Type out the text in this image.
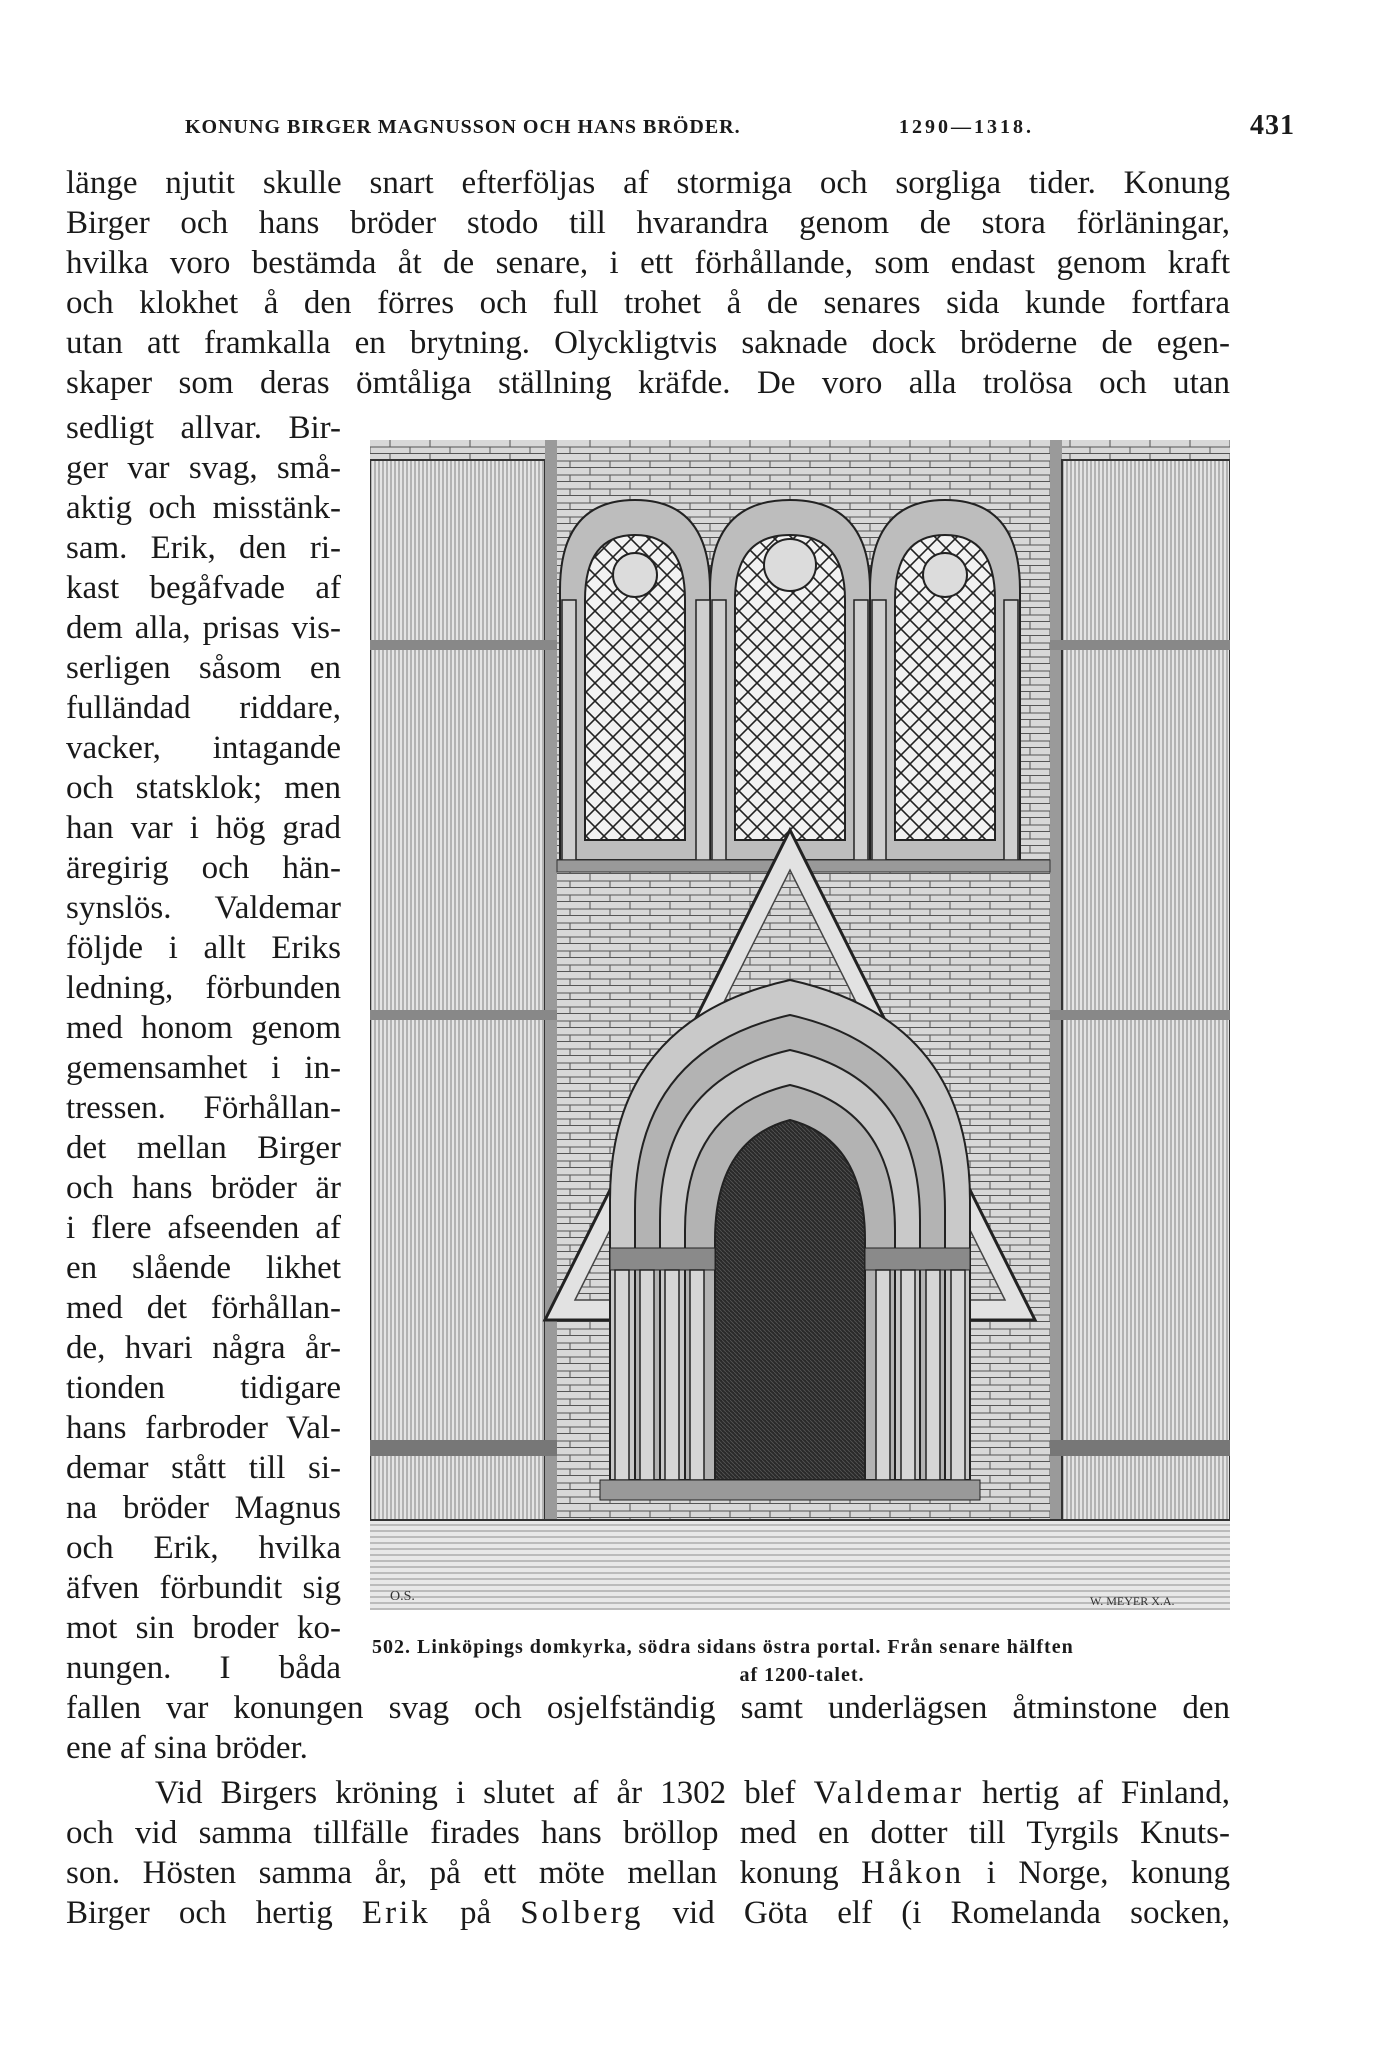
KONUNG BIRGER MAGNUSSON OCH HANS BRÖDER.	1290—1318.	431
länge njutit skulle snart efterföljas af stormiga och sorgliga tider. Konung
Birger och hans bröder stodo till hvarandra genom de stora förläningar,
hvilka voro bestämda åt de senare, i ett förhållande, som endast genom kraft
och klokhet å den förres och full trohet å de senares sida kunde fortfara
utan att framkalla en brytning. Olyckligtvis saknade dock bröderne de egen-
skaper som deras ömtåliga ställning kräfde. De voro alla trolösa och utan
sedligt allvar. Bir-
ger var svag, små-
aktig och misstänk-
sam. Erik, den ri-
kast begåfvade af
dem alla, prisas vis-
serligen såsom en
fulländad riddare,
vacker, intagande
och statsklok; men
han var i hög grad
äregirig och hän-
synslös. Valdemar
följde i allt Eriks
ledning, förbunden
med honom genom
gemensamhet i in-
tressen. Förhållan-
det mellan Birger
och hans bröder är
i flere afseenden af
en slående likhet
med det förhållan-
de, hvari några år-
tionden tidigare
hans farbroder Val-
demar stått till si-
na bröder Magnus
och Erik, hvilka
äfven förbundit sig
mot sin broder ko-
nungen. I båda
O.S.	W. MEYER X.A.
502. Linköpings domkyrka, södra sidans östra portal. Från senare hälften
af 1200-talet.
fallen var konungen svag och osjelfständig samt underlägsen åtminstone den
ene af sina bröder.
Vid Birgers kröning i slutet af år 1302 blef Valdemar hertig af Finland,
och vid samma tillfälle firades hans bröllop med en dotter till Tyrgils Knuts-
son. Hösten samma år, på ett möte mellan konung Håkon i Norge, konung
Birger och hertig Erik på Solberg vid Göta elf (i Romelanda socken,
